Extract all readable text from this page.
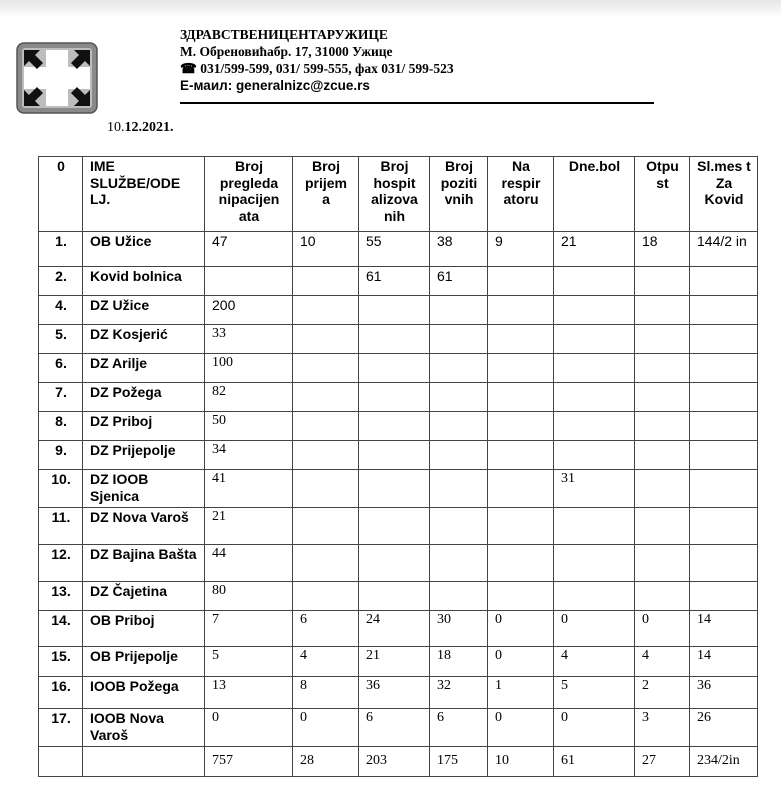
ЗДРАВСТВЕНИЦЕНТАРУЖИЦЕ
М. Обреновићабр. 17, 31000 Ужице
☎ 031/599-599, 031/ 599-555, фах 031/ 599-523
Е-маил: generalnizc@zcue.rs
10.12.2021.
0	IME SLUŽBE/ODE LJ.	Broj pregleda nipacijen ata	Broj prijem a	Broj hospit alizova nih	Broj poziti vnih	Na respir atoru	Dne.bol	Otpu st	Sl.mes t Za Kovid
1.	OB Užice	47	10	55	38	9	21	18	144/2 in
2.	Kovid bolnica			61	61				
4.	DZ Užice	200							
5.	DZ Kosjerić	33							
6.	DZ Arilje	100							
7.	DZ Požega	82							
8.	DZ Priboj	50							
9.	DZ Prijepolje	34							
10.	DZ IOOB Sjenica	41					31		
11.	DZ Nova Varoš	21							
12.	DZ Bajina Bašta	44							
13.	DZ Čajetina	80							
14.	OB Priboj	7	6	24	30	0	0	0	14
15.	OB Prijepolje	5	4	21	18	0	4	4	14
16.	IOOB Požega	13	8	36	32	1	5	2	36
17.	IOOB Nova Varoš	0	0	6	6	0	0	3	26
		757	28	203	175	10	61	27	234/2in
